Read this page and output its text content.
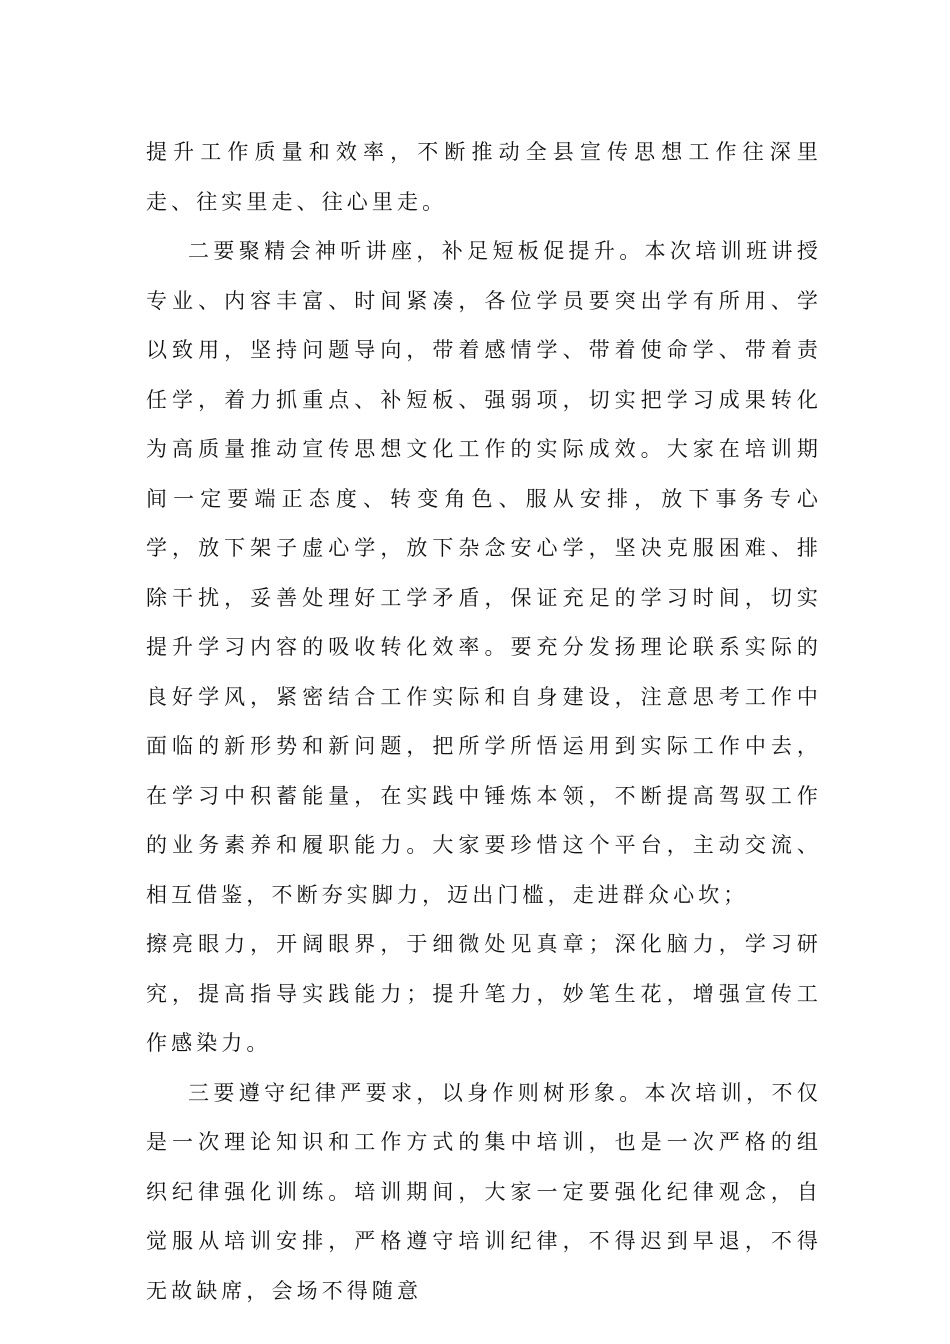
提升工作质量和效率，不断推动全县宣传思想工作往深里走、往实里走、往心里走。

二要聚精会神听讲座，补足短板促提升。本次培训班讲授专业、内容丰富、时间紧凑，各位学员要突出学有所用、学以致用，坚持问题导向，带着感情学、带着使命学、带着责任学，着力抓重点、补短板、强弱项，切实把学习成果转化为高质量推动宣传思想文化工作的实际成效。大家在培训期间一定要端正态度、转变角色、服从安排，放下事务专心学，放下架子虚心学，放下杂念安心学，坚决克服困难、排除干扰，妥善处理好工学矛盾，保证充足的学习时间，切实提升学习内容的吸收转化效率。要充分发扬理论联系实际的良好学风，紧密结合工作实际和自身建设，注意思考工作中面临的新形势和新问题，把所学所悟运用到实际工作中去，在学习中积蓄能量，在实践中锤炼本领，不断提高驾驭工作的业务素养和履职能力。大家要珍惜这个平台，主动交流、相互借鉴，不断夯实脚力，迈出门槛，走进群众心坎；

擦亮眼力，开阔眼界，于细微处见真章；深化脑力，学习研究，提高指导实践能力；提升笔力，妙笔生花，增强宣传工作感染力。

三要遵守纪律严要求，以身作则树形象。本次培训，不仅是一次理论知识和工作方式的集中培训，也是一次严格的组织纪律强化训练。培训期间，大家一定要强化纪律观念，自觉服从培训安排，严格遵守培训纪律，不得迟到早退，不得无故缺席，会场不得随意
